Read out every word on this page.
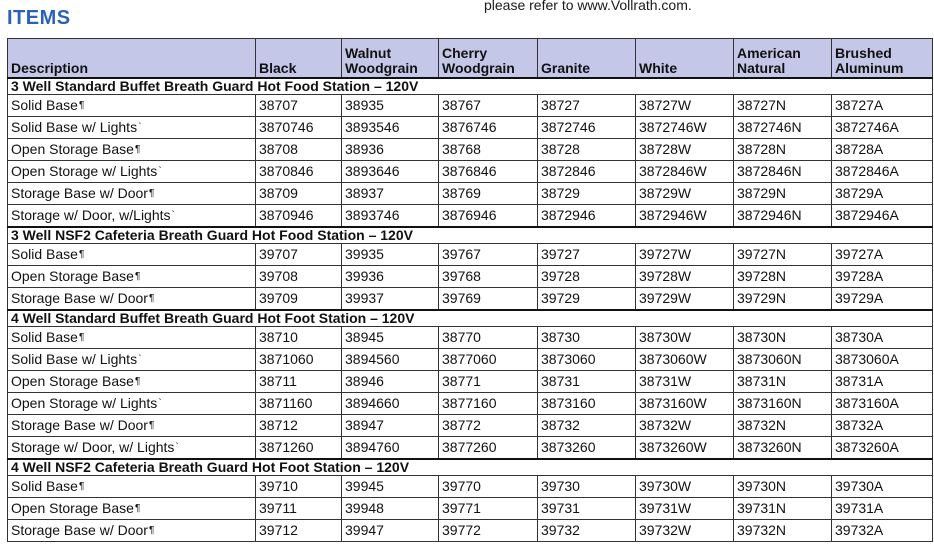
ITEMS
please refer to www.Vollrath.com.
Description	Black	Walnut Woodgrain	Cherry Woodgrain	Granite	White	American Natural	Brushed Aluminum
3 Well Standard Buffet Breath Guard Hot Food Station – 120V							
Solid Base¶	38707	38935	38767	38727	38727W	38727N	38727A
Solid Base w/ Lights`	3870746	3893546	3876746	3872746	3872746W	3872746N	3872746A
Open Storage Base¶	38708	38936	38768	38728	38728W	38728N	38728A
Open Storage w/ Lights`	3870846	3893646	3876846	3872846	3872846W	3872846N	3872846A
Storage Base w/ Door¶	38709	38937	38769	38729	38729W	38729N	38729A
Storage w/ Door, w/Lights`	3870946	3893746	3876946	3872946	3872946W	3872946N	3872946A
3 Well NSF2 Cafeteria Breath Guard Hot Food Station – 120V							
Solid Base¶	39707	39935	39767	39727	39727W	39727N	39727A
Open Storage Base¶	39708	39936	39768	39728	39728W	39728N	39728A
Storage Base w/ Door¶	39709	39937	39769	39729	39729W	39729N	39729A
4 Well Standard Buffet Breath Guard Hot Foot Station – 120V							
Solid Base¶	38710	38945	38770	38730	38730W	38730N	38730A
Solid Base w/ Lights`	3871060	3894560	3877060	3873060	3873060W	3873060N	3873060A
Open Storage Base¶	38711	38946	38771	38731	38731W	38731N	38731A
Open Storage w/ Lights`	3871160	3894660	3877160	3873160	3873160W	3873160N	3873160A
Storage Base w/ Door¶	38712	38947	38772	38732	38732W	38732N	38732A
Storage w/ Door, w/ Lights`	3871260	3894760	3877260	3873260	3873260W	3873260N	3873260A
4 Well NSF2 Cafeteria Breath Guard Hot Foot Station – 120V							
Solid Base¶	39710	39945	39770	39730	39730W	39730N	39730A
Open Storage Base¶	39711	39948	39771	39731	39731W	39731N	39731A
Storage Base w/ Door¶	39712	39947	39772	39732	39732W	39732N	39732A
